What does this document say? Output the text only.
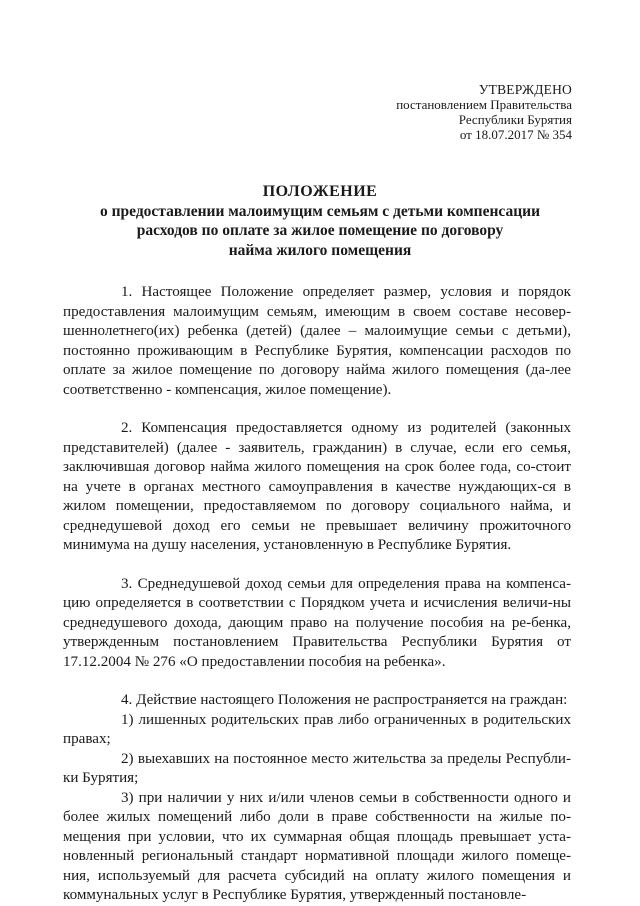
УТВЕРЖДЕНО
постановлением Правительства
Республики Бурятия
от 18.07.2017 № 354
ПОЛОЖЕНИЕ
о предоставлении малоимущим семьям с детьми компенсации
расходов по оплате за жилое помещение по договору
найма жилого помещения

1. Настоящее Положение определяет размер, условия и порядок предоставления малоимущим семьям, имеющим в своем составе несовер-шеннолетнего(их) ребенка (детей) (далее – малоимущие семьи с детьми), постоянно проживающим в Республике Бурятия, компенсации расходов по оплате за жилое помещение по договору найма жилого помещения (да-лее соответственно - компенсация, жилое помещение).

2. Компенсация предоставляется одному из родителей (законных представителей) (далее - заявитель, гражданин) в случае, если его семья, заключившая договор найма жилого помещения на срок более года, со-стоит на учете в органах местного самоуправления в качестве нуждающих-ся в жилом помещении, предоставляемом по договору социального найма, и среднедушевой доход его семьи не превышает величину прожиточного минимума на душу населения, установленную в Республике Бурятия.

3. Среднедушевой доход семьи для определения права на компенса-цию определяется в соответствии с Порядком учета и исчисления величи-ны среднедушевого дохода, дающим право на получение пособия на ре-бенка, утвержденным постановлением Правительства Республики Бурятия от 17.12.2004 № 276 «О предоставлении пособия на ребенка».

4. Действие настоящего Положения не распространяется на граждан:

1) лишенных родительских прав либо ограниченных в родительских правах;

2) выехавших на постоянное место жительства за пределы Республи-ки Бурятия;

3) при наличии у них и/или членов семьи в собственности одного и более жилых помещений либо доли в праве собственности на жилые по-мещения при условии, что их суммарная общая площадь превышает уста-новленный региональный стандарт нормативной площади жилого помеще-ния, используемый для расчета субсидий на оплату жилого помещения и коммунальных услуг в Республике Бурятия, утвержденный постановле-
